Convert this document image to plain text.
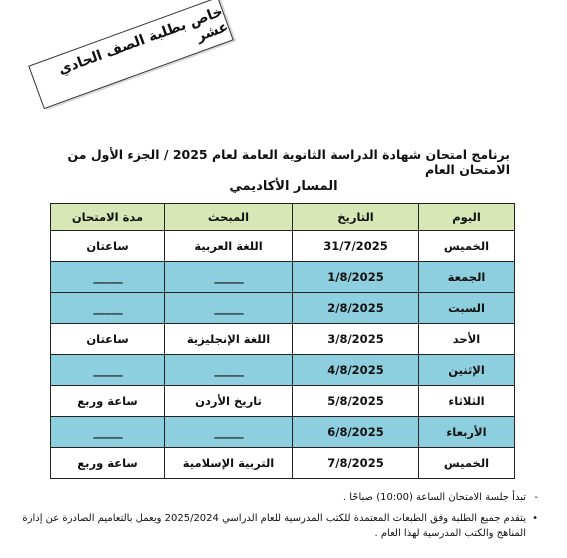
خاص بطلبة الصف الحادي عشر
برنامج امتحان شهادة الدراسة الثانوية العامة لعام 2025 / الجزء الأول من الامتحان العام
المسار الأكاديمي
اليوم	التاريخ	المبحث	مدة الامتحان
الخميس	31/7/2025	اللغة العربية	ساعتان
الجمعة	1/8/2025	______	______
السبت	2/8/2025	______	______
الأحد	3/8/2025	اللغة الإنجليزية	ساعتان
الإثنين	4/8/2025	______	______
الثلاثاء	5/8/2025	تاريخ الأردن	ساعة وربع
الأربعاء	6/8/2025	______	______
الخميس	7/8/2025	التربية الإسلامية	ساعة وربع
-
تبدأ جلسة الامتحان الساعة (10:00) صباحًا .
•
يتقدم جميع الطلبة وفق الطبعات المعتمدة للكتب المدرسية للعام الدراسي 2025/2024 ويعمل بالتعاميم الصادرة عن إدارة المناهج والكتب المدرسية لهذا العام .
